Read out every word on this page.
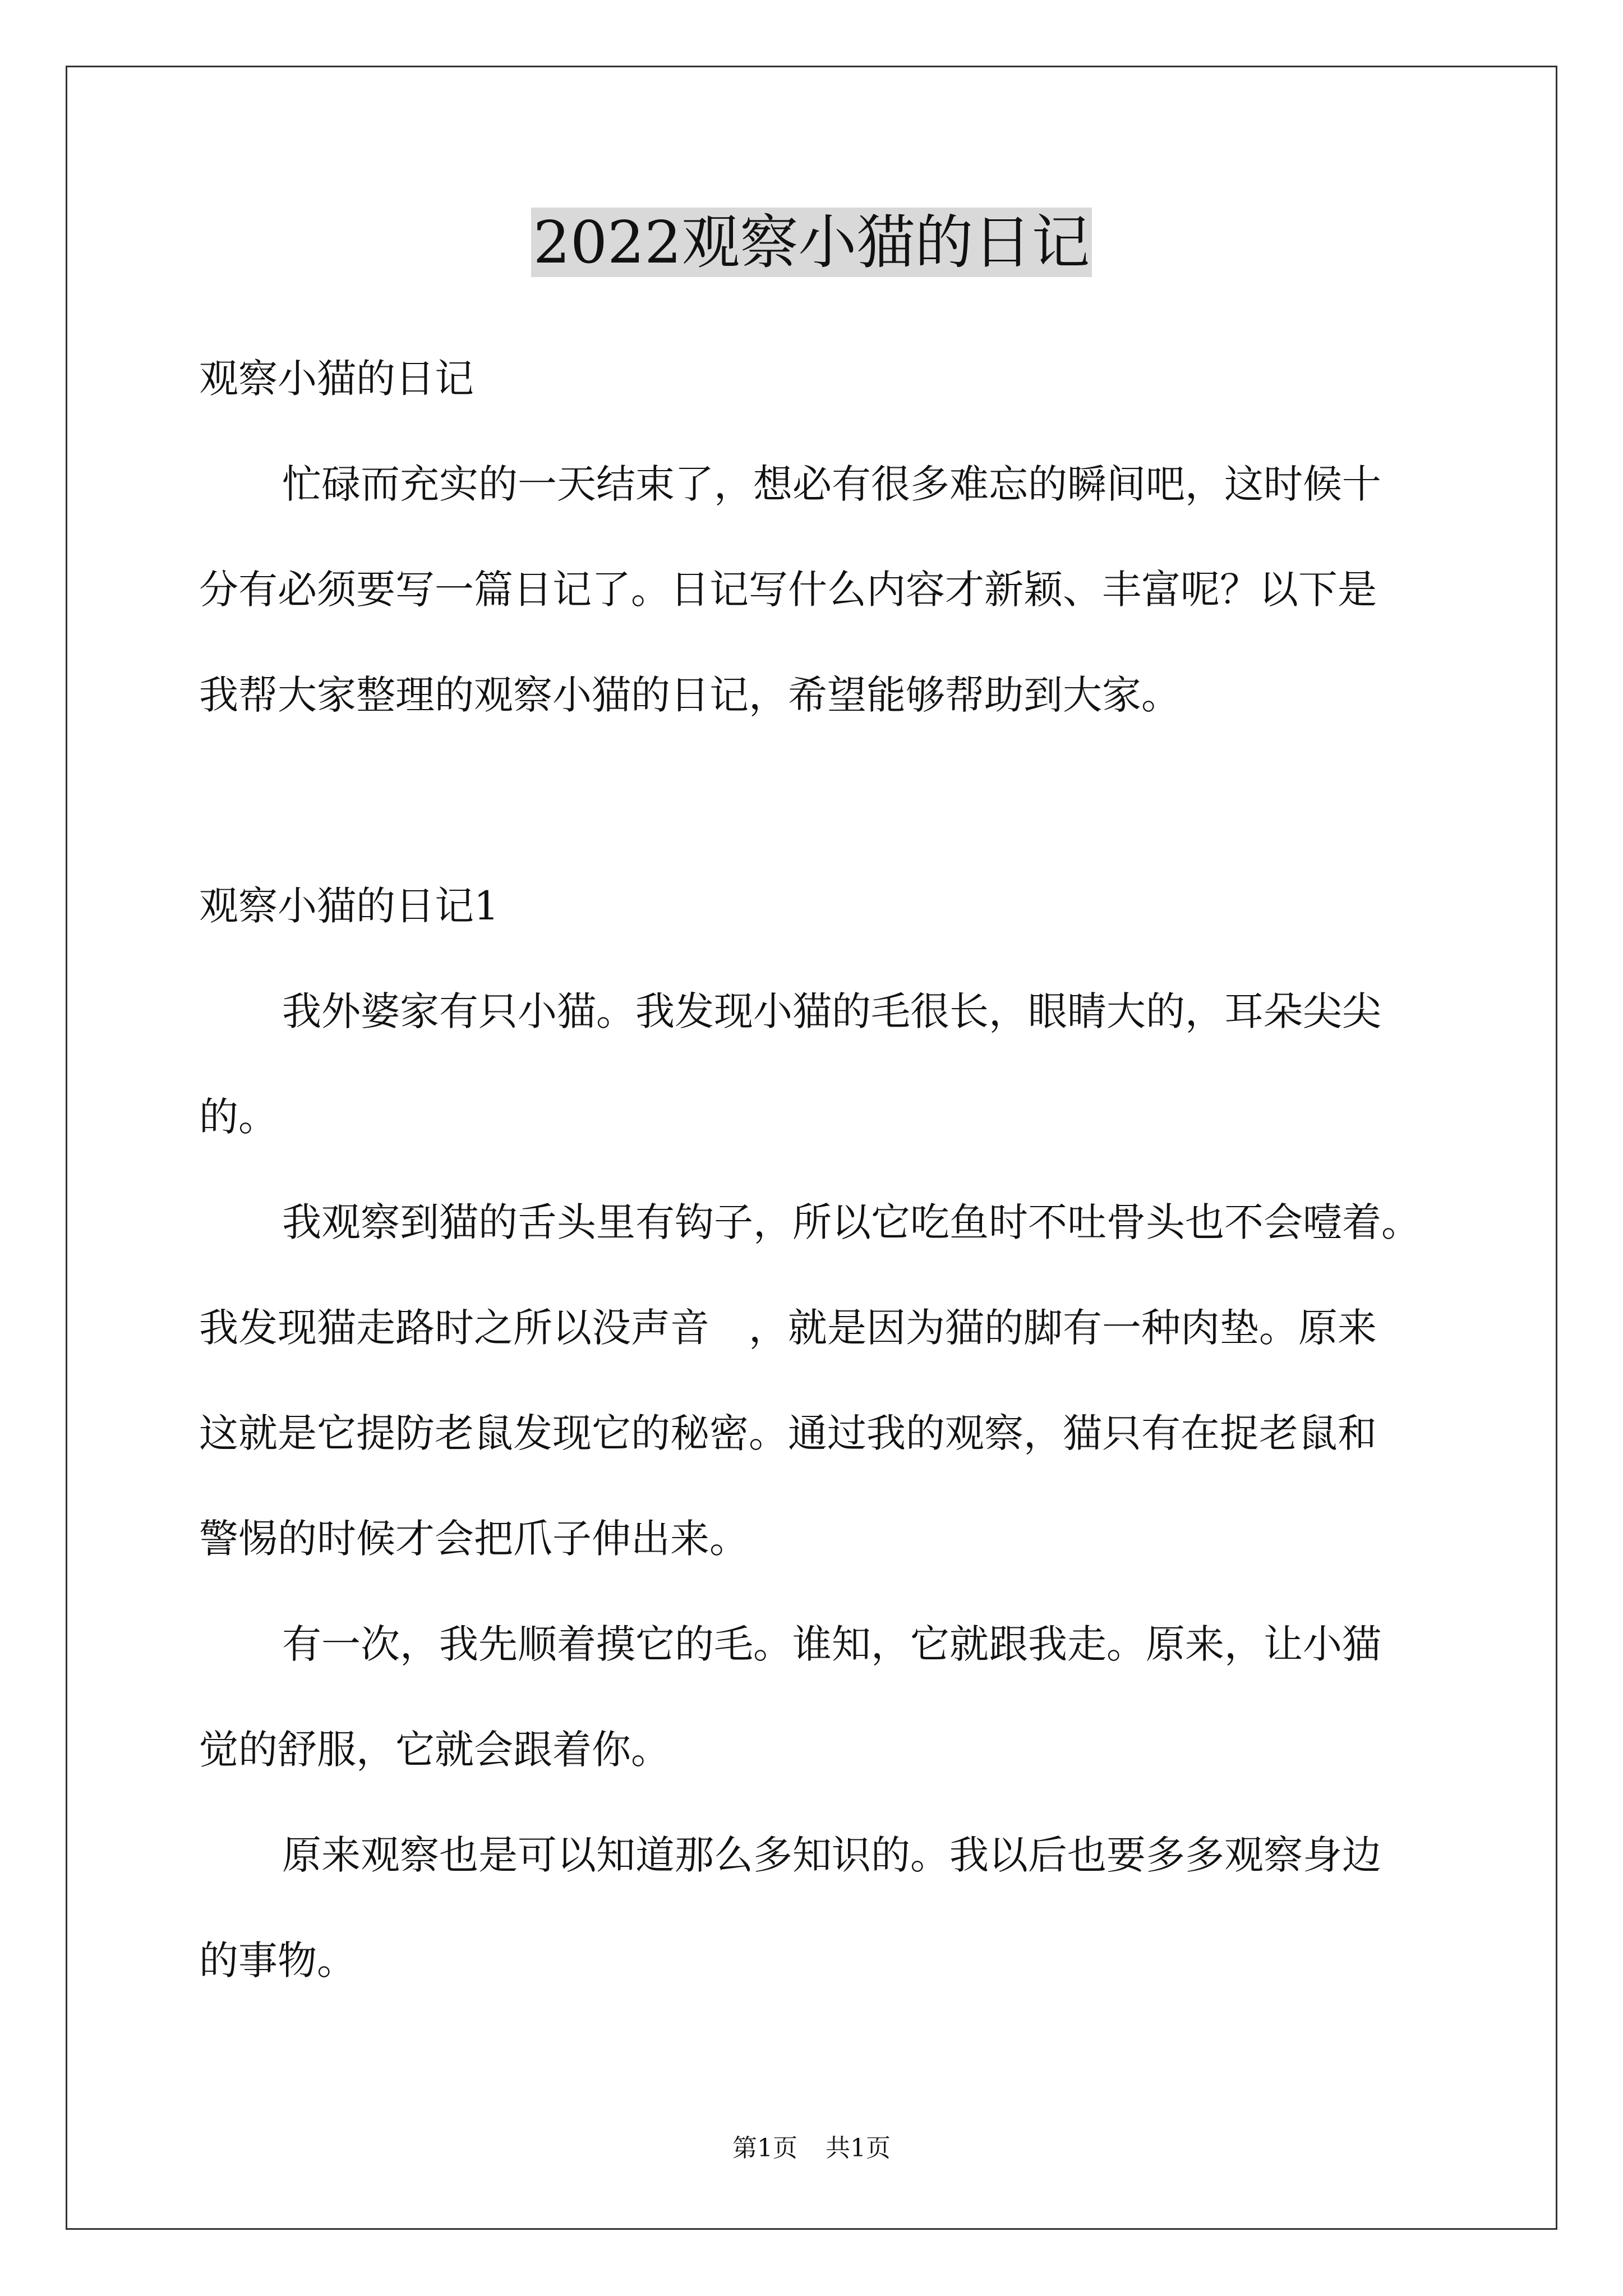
2022观察小猫的日记
观察小猫的日记
忙碌而充实的一天结束了，想必有很多难忘的瞬间吧，这时候十
分有必须要写一篇日记了。日记写什么内容才新颖、丰富呢？以下是
我帮大家整理的观察小猫的日记，希望能够帮助到大家。
观察小猫的日记1
我外婆家有只小猫。我发现小猫的毛很长，眼睛大的，耳朵尖尖
的。
我观察到猫的舌头里有钩子，所以它吃鱼时不吐骨头也不会噎着。
我发现猫走路时之所以没声音　，就是因为猫的脚有一种肉垫。原来
这就是它提防老鼠发现它的秘密。通过我的观察，猫只有在捉老鼠和
警惕的时候才会把爪子伸出来。
有一次，我先顺着摸它的毛。谁知，它就跟我走。原来，让小猫
觉的舒服，它就会跟着你。
原来观察也是可以知道那么多知识的。我以后也要多多观察身边
的事物。
第1页 共1页
